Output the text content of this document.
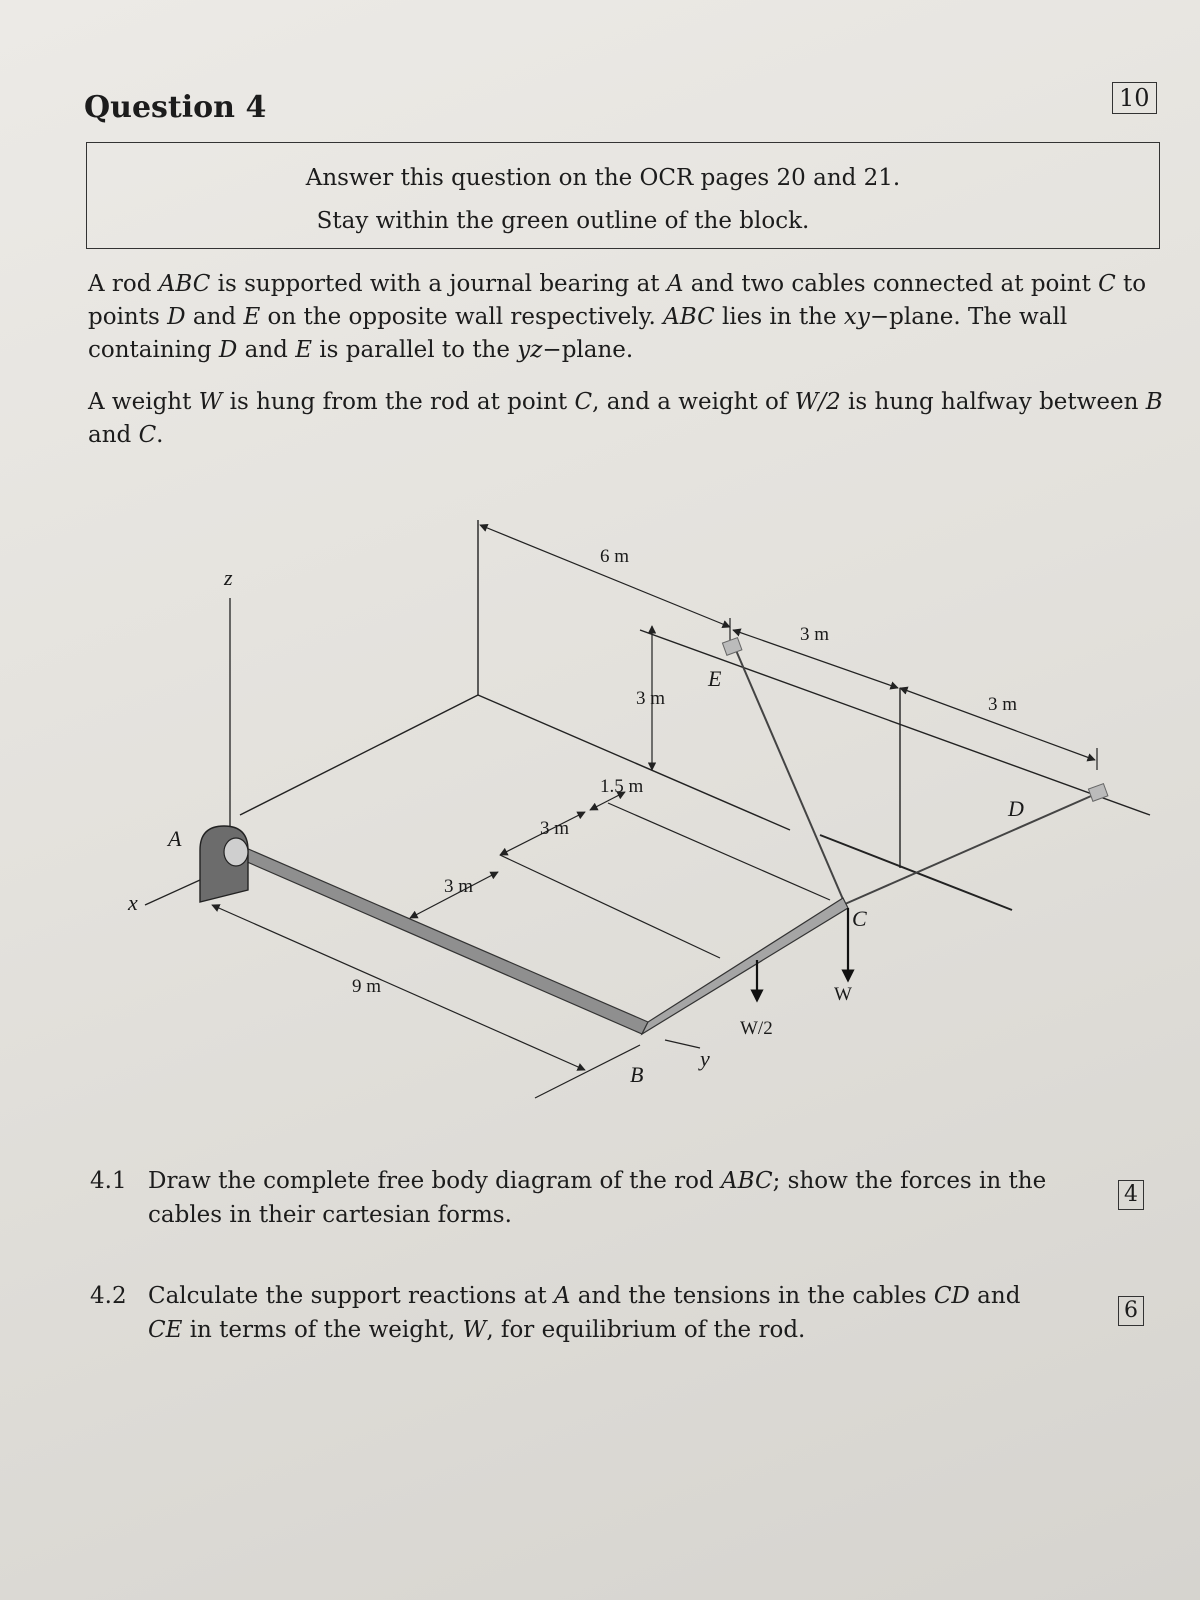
Question 4	10
Answer this question on the OCR pages 20 and 21.
Stay within the green outline of the block.
A rod ABC is supported with a journal bearing at A and two cables connected at point C to points D and E on the opposite wall respectively. ABC lies in the xy−plane. The wall containing D and E is parallel to the yz−plane.
A weight W is hung from the rod at point C, and a weight of W/2 is hung halfway between B and C.
z
x
y
A
B
C
D
E
6 m
3 m
3 m
3 m
1.5 m
3 m
3 m
9 m	W
W/2
4.1 Draw the complete free body diagram of the rod ABC; show the forces in the cables in their cartesian forms.
4
4.2 Calculate the support reactions at A and the tensions in the cables CD and CE in terms of the weight, W, for equilibrium of the rod.
6
